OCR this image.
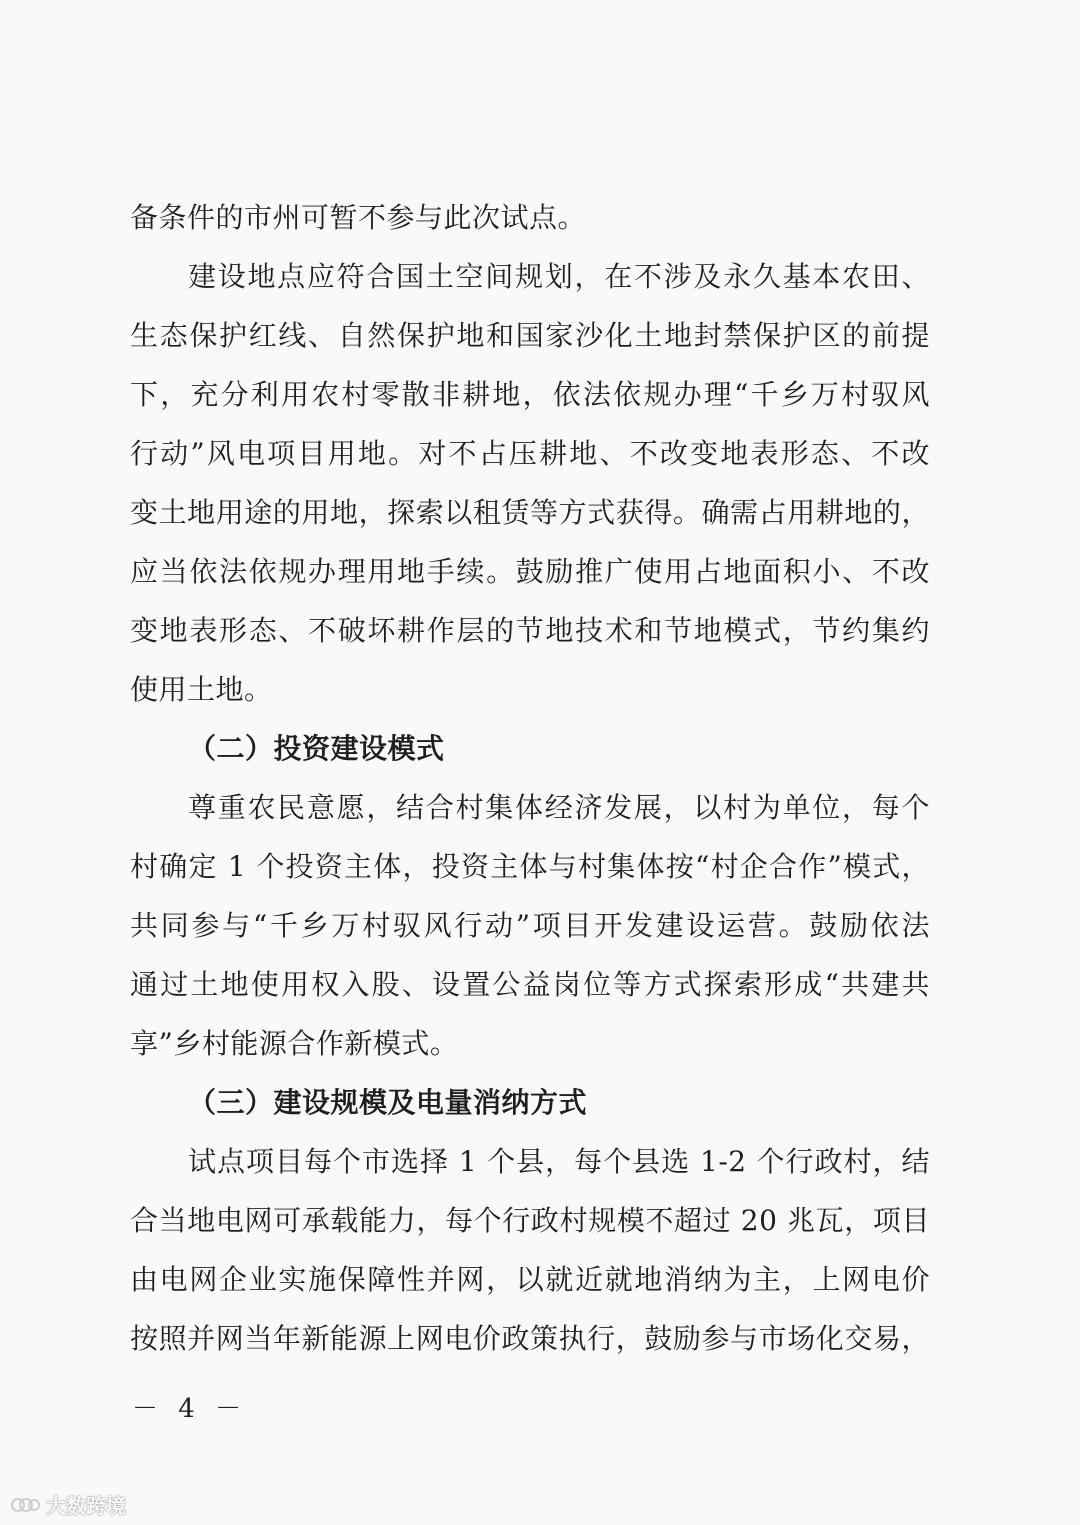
备条件的市州可暂不参与此次试点。
建设地点应符合国土空间规划，在不涉及永久基本农田、
生态保护红线、自然保护地和国家沙化土地封禁保护区的前提
下，充分利用农村零散非耕地，依法依规办理“千乡万村驭风
行动”风电项目用地。对不占压耕地、不改变地表形态、不改
变土地用途的用地，探索以租赁等方式获得。确需占用耕地的，
应当依法依规办理用地手续。鼓励推广使用占地面积小、不改
变地表形态、不破坏耕作层的节地技术和节地模式，节约集约
使用土地。
（二）投资建设模式
尊重农民意愿，结合村集体经济发展，以村为单位，每个
村确定 1 个投资主体，投资主体与村集体按“村企合作”模式，
共同参与“千乡万村驭风行动”项目开发建设运营。鼓励依法
通过土地使用权入股、设置公益岗位等方式探索形成“共建共
享”乡村能源合作新模式。
（三）建设规模及电量消纳方式
试点项目每个市选择 1 个县，每个县选 1-2 个行政村，结
合当地电网可承载能力，每个行政村规模不超过 20 兆瓦，项目
由电网企业实施保障性并网，以就近就地消纳为主，上网电价
按照并网当年新能源上网电价政策执行，鼓励参与市场化交易，
－ 4 －
大数跨境
